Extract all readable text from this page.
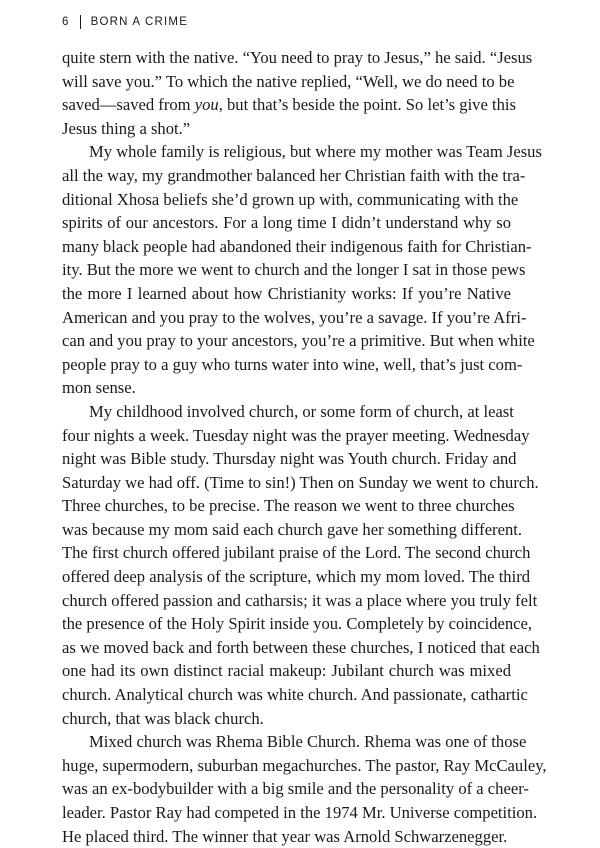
6 BORN A CRIME
quite stern with the native. “You need to pray to Jesus,” he said. “Jesus
will save you.” To which the native replied, “Well, we do need to be
saved—saved from you, but that’s beside the point. So let’s give this
Jesus thing a shot.”
My whole family is religious, but where my mother was Team Jesus
all the way, my grandmother balanced her Christian faith with the tra-
ditional Xhosa beliefs she’d grown up with, communicating with the
spirits of our ancestors. For a long time I didn’t understand why so
many black people had abandoned their indigenous faith for Christian-
ity. But the more we went to church and the longer I sat in those pews
the more I learned about how Christianity works: If you’re Native
American and you pray to the wolves, you’re a savage. If you’re Afri-
can and you pray to your ancestors, you’re a primitive. But when white
people pray to a guy who turns water into wine, well, that’s just com-
mon sense.
My childhood involved church, or some form of church, at least
four nights a week. Tuesday night was the prayer meeting. Wednesday
night was Bible study. Thursday night was Youth church. Friday and
Saturday we had off. (Time to sin!) Then on Sunday we went to church.
Three churches, to be precise. The reason we went to three churches
was because my mom said each church gave her something different.
The first church offered jubilant praise of the Lord. The second church
offered deep analysis of the scripture, which my mom loved. The third
church offered passion and catharsis; it was a place where you truly felt
the presence of the Holy Spirit inside you. Completely by coincidence,
as we moved back and forth between these churches, I noticed that each
one had its own distinct racial makeup: Jubilant church was mixed
church. Analytical church was white church. And passionate, cathartic
church, that was black church.
Mixed church was Rhema Bible Church. Rhema was one of those
huge, supermodern, suburban megachurches. The pastor, Ray McCauley,
was an ex-bodybuilder with a big smile and the personality of a cheer-
leader. Pastor Ray had competed in the 1974 Mr. Universe competition.
He placed third. The winner that year was Arnold Schwarzenegger.
